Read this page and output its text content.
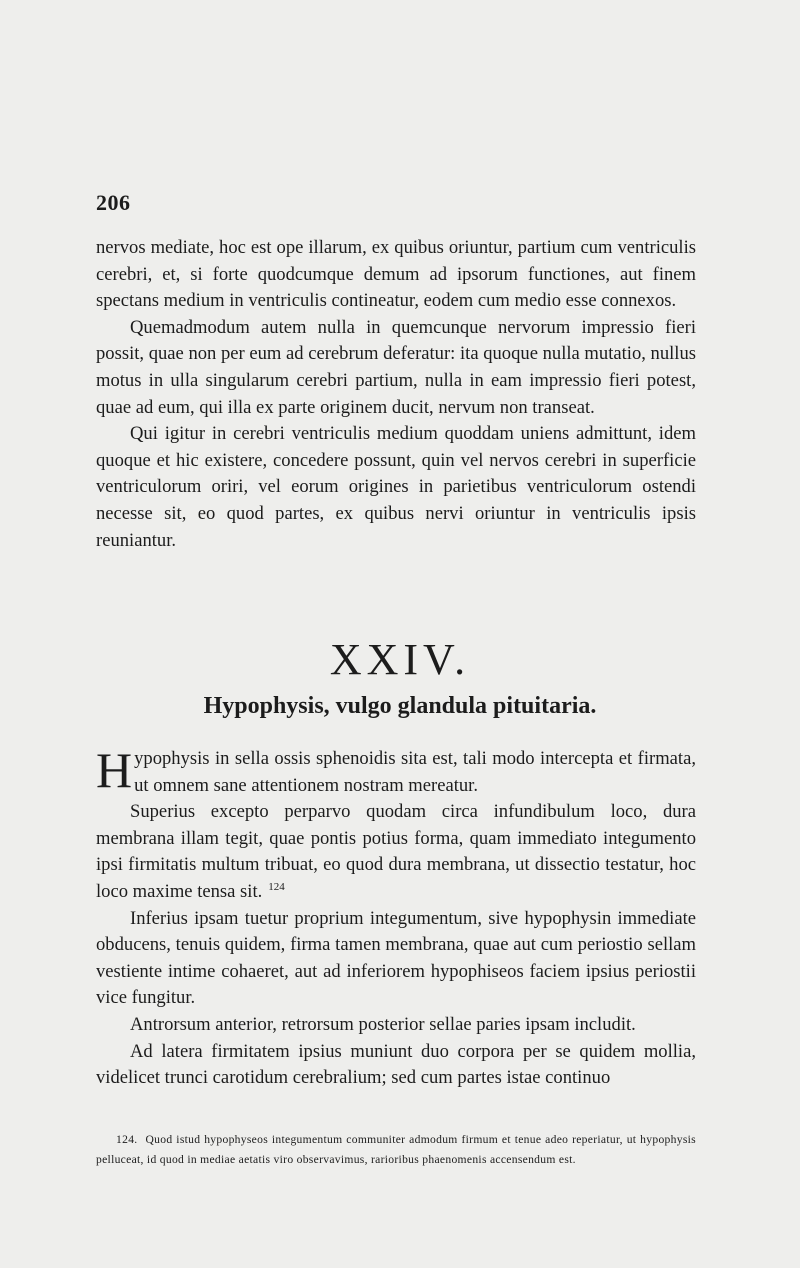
206

nervos mediate, hoc est ope illarum, ex quibus oriuntur, partium cum ventriculis cerebri, et, si forte quodcumque demum ad ipsorum functiones, aut finem spectans medium in ventriculis contineatur, eodem cum medio esse connexos.

Quemadmodum autem nulla in quemcunque nervorum impressio fieri possit, quae non per eum ad cerebrum deferatur: ita quoque nulla mutatio, nullus motus in ulla singularum cerebri partium, nulla in eam impressio fieri potest, quae ad eum, qui illa ex parte originem ducit, nervum non transeat.

Qui igitur in cerebri ventriculis medium quoddam uniens admittunt, idem quoque et hic existere, concedere possunt, quin vel nervos cerebri in superficie ventriculorum oriri, vel eorum origines in parietibus ventriculorum ostendi necesse sit, eo quod partes, ex quibus nervi oriuntur in ventriculis ipsis reuniantur.

XXIV.
Hypophysis, vulgo glandula pituitaria.

Hypophysis in sella ossis sphenoidis sita est, tali modo intercepta et firmata, ut omnem sane attentionem nostram mereatur.

Superius excepto perparvo quodam circa infundibulum loco, dura membrana illam tegit, quae pontis potius forma, quam immediato integumento ipsi firmitatis multum tribuat, eo quod dura membrana, ut dissectio testatur, hoc loco maxime tensa sit. $^{124}$

Inferius ipsam tuetur proprium integumentum, sive hypophysin immediate obducens, tenuis quidem, firma tamen membrana, quae aut cum periostio sellam vestiente intime cohaeret, aut ad inferiorem hypophiseos faciem ipsius periostii vice fungitur.

Antrorsum anterior, retrorsum posterior sellae paries ipsam includit.

Ad latera firmitatem ipsius muniunt duo corpora per se quidem mollia, videlicet trunci carotidum cerebralium; sed cum partes istae continuo

124. Quod istud hypophyseos integumentum communiter admodum firmum et tenue adeo reperiatur, ut hypophysis pelluceat, id quod in mediae aetatis viro observavimus, rarioribus phaenomenis accensendum est.
